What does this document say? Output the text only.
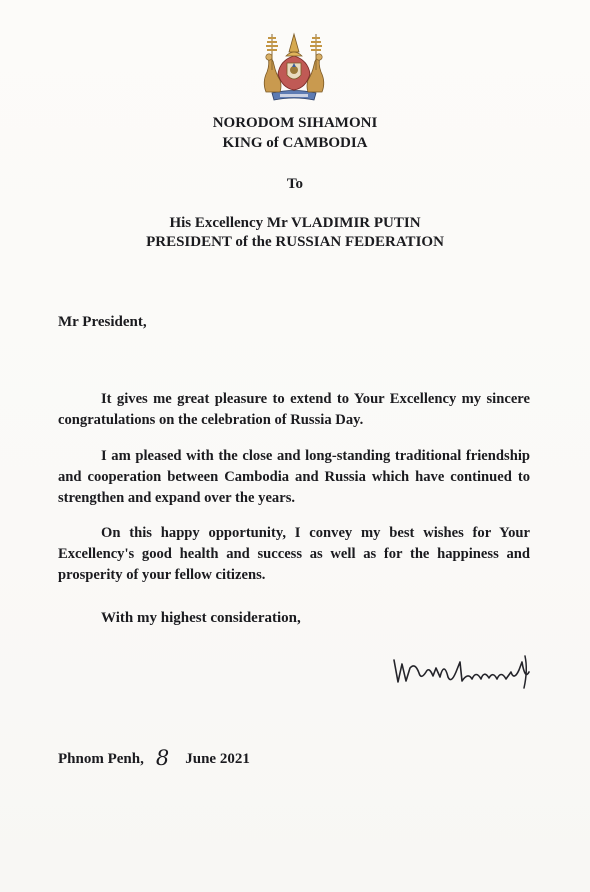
NORODOM SIHAMONI
KING of CAMBODIA
To
His Excellency Mr VLADIMIR PUTIN
PRESIDENT of the RUSSIAN FEDERATION
Mr President,
It gives me great pleasure to extend to Your Excellency my sincere congratulations on the celebration of Russia Day.
I am pleased with the close and long-standing traditional friendship and cooperation between Cambodia and Russia which have continued to strengthen and expand over the years.
On this happy opportunity, I convey my best wishes for Your Excellency's good health and success as well as for the happiness and prosperity of your fellow citizens.
With my highest consideration,
Phnom Penh, 8 June 2021
